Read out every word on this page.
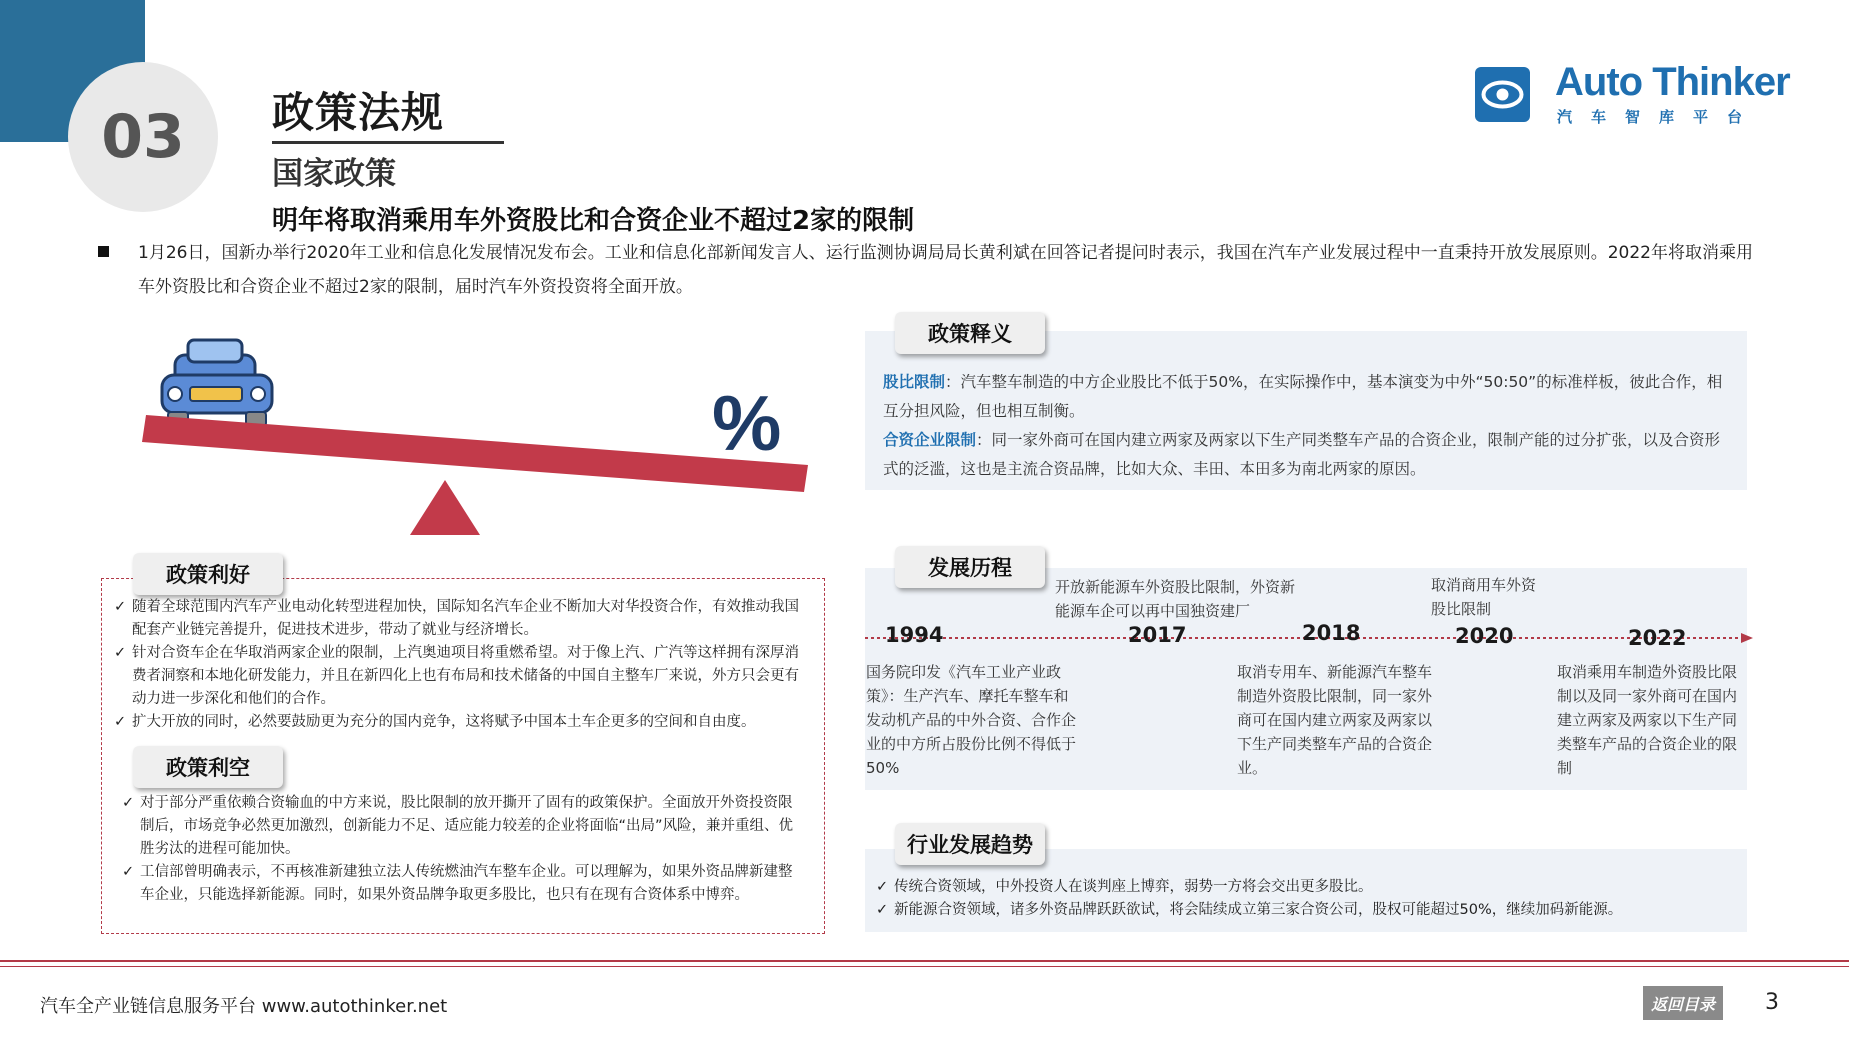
03	政策法规
国家政策
明年将取消乘用车外资股比和合资企业不超过2家的限制
Auto Thinker
汽车智库平台
1月26日，国新办举行2020年工业和信息化发展情况发布会。工业和信息化部新闻发言人、运行监测协调局局长黄利斌在回答记者提问时表示，我国在汽车产业发展过程中一直秉持开放发展原则。2022年将取消乘用车外资股比和合资企业不超过2家的限制，届时汽车外资投资将全面开放。
%
政策释义
股比限制：汽车整车制造的中方企业股比不低于50%，在实际操作中，基本演变为中外“50:50”的标准样板，彼此合作，相互分担风险，但也相互制衡。
合资企业限制：同一家外商可在国内建立两家及两家以下生产同类整车产品的合资企业，限制产能的过分扩张，以及合资形式的泛滥，这也是主流合资品牌，比如大众、丰田、本田多为南北两家的原因。
政策利好
✓ 随着全球范围内汽车产业电动化转型进程加快，国际知名汽车企业不断加大对华投资合作，有效推动我国配套产业链完善提升，促进技术进步，带动了就业与经济增长。
✓ 针对合资车企在华取消两家企业的限制，上汽奥迪项目将重燃希望。对于像上汽、广汽等这样拥有深厚消费者洞察和本地化研发能力，并且在新四化上也有布局和技术储备的中国自主整车厂来说，外方只会更有动力进一步深化和他们的合作。
✓ 扩大开放的同时，必然要鼓励更为充分的国内竞争，这将赋予中国本土车企更多的空间和自由度。
政策利空
✓ 对于部分严重依赖合资输血的中方来说，股比限制的放开撕开了固有的政策保护。全面放开外资投资限制后，市场竞争必然更加激烈，创新能力不足、适应能力较差的企业将面临“出局”风险，兼并重组、优胜劣汰的进程可能加快。
✓ 工信部曾明确表示，不再核准新建独立法人传统燃油汽车整车企业。可以理解为，如果外资品牌新建整车企业，只能选择新能源。同时，如果外资品牌争取更多股比，也只有在现有合资体系中博弈。
发展历程
1994	2017	2018	2020	2022
国务院印发《汽车工业产业政策》：生产汽车、摩托车整车和发动机产品的中外合资、合作企业的中方所占股份比例不得低于50%
开放新能源车外资股比限制，外资新能源车企可以再中国独资建厂
取消专用车、新能源汽车整车制造外资股比限制，同一家外商可在国内建立两家及两家以下生产同类整车产品的合资企业。
取消商用车外资股比限制
取消乘用车制造外资股比限制以及同一家外商可在国内建立两家及两家以下生产同类整车产品的合资企业的限制
行业发展趋势
✓ 传统合资领域，中外投资人在谈判座上博弈，弱势一方将会交出更多股比。
✓ 新能源合资领域，诸多外资品牌跃跃欲试，将会陆续成立第三家合资公司，股权可能超过50%，继续加码新能源。
汽车全产业链信息服务平台 www.autothinker.net	返回目录	3
